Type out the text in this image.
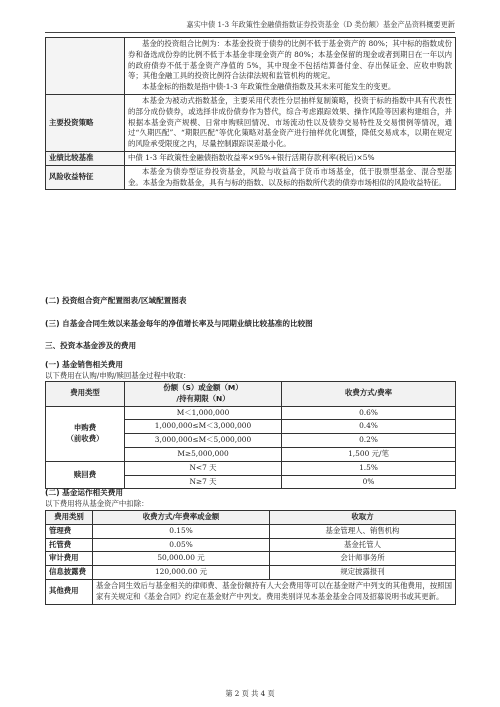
嘉实中债 1-3 年政策性金融债指数证券投资基金（D 类份额）基金产品资料概要更新

	基金的投资组合比例为：本基金投资于债券的比例不低于基金资产的 80%；其中标的指数成份券和备选成份券的比例不低于本基金非现金资产的 80%；本基金保留的现金或者到期日在一年以内的政府债券不低于基金资产净值的 5%，其中现金不包括结算备付金、存出保证金、应收申购款等；其他金融工具的投资比例符合法律法规和监管机构的规定。

本基金标的指数是指中债-1-3 年政策性金融债指数及其未来可能发生的变更。

主要投资策略	本基金为被动式指数基金，主要采用代表性分层抽样复制策略，投资于标的指数中具有代表性的部分成份债券，或选择非成份债券作为替代，综合考虑跟踪效果、操作风险等因素构建组合，并根据本基金资产规模、日常申购赎回情况、市场流动性以及债券交易特性及交易惯例等情况，通过“久期匹配”、“期限匹配”等优化策略对基金资产进行抽样优化调整，降低交易成本，以期在规定的风险承受限度之内，尽量控制跟踪误差最小化。

业绩比较基准	中债 1-3 年政策性金融债指数收益率×95%+银行活期存款利率(税后)×5%
风险收益特征	本基金为债券型证券投资基金，风险与收益高于货币市场基金，低于股票型基金、混合型基金。本基金为指数基金，具有与标的指数、以及标的指数所代表的债券市场相似的风险收益特征。

(二) 投资组合资产配置图表/区域配置图表
(三) 自基金合同生效以来基金每年的净值增长率及与同期业绩比较基准的比较图
三、投资本基金涉及的费用
(一) 基金销售相关费用
以下费用在认购/申购/赎回基金过程中收取：
费用类型	份额（S）或金额（M）
/持有期限（N）	收费方式/费率

申购费
（前收费）	M＜1,000,000	0.6%
	1,000,000≤M＜3,000,000	0.4%
	3,000,000≤M＜5,000,000	0.2%
	M≥5,000,000	1,500 元/笔
赎回费	N<7 天	1.5%
	N≥7 天	0%
(二) 基金运作相关费用
以下费用将从基金资产中扣除：
费用类别	收费方式/年费率或金额	收取方
管理费	0.15%	基金管理人、销售机构
托管费	0.05%	基金托管人
审计费用	50,000.00 元	会计师事务所
信息披露费	120,000.00 元	规定披露报刊
其他费用	基金合同生效后与基金相关的律师费、基金份额持有人大会费用等可以在基金财产中列支的其他费用，按照国家有关规定和《基金合同》约定在基金财产中列支。费用类别详见本基金基金合同及招募说明书或其更新。	
第 2 页 共 4 页
